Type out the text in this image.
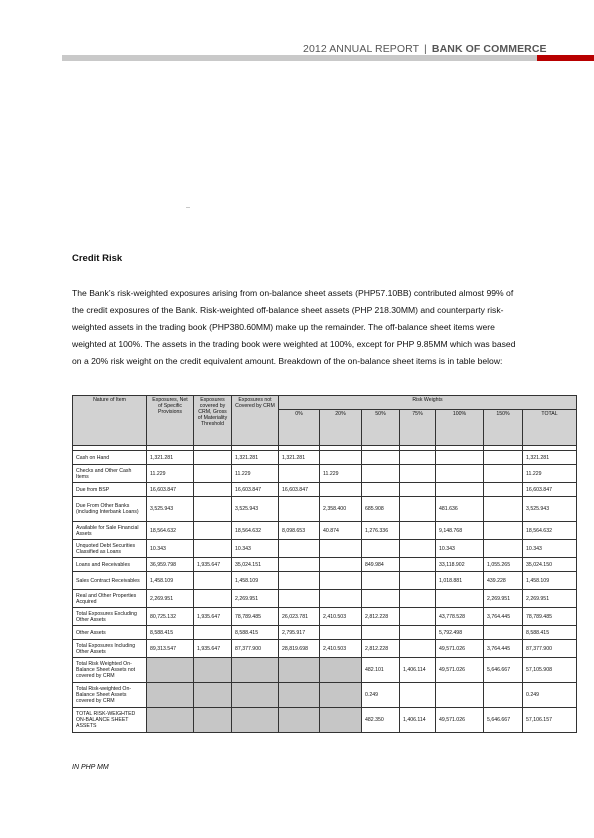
2012 ANNUAL REPORT | BANK OF COMMERCE
Credit Risk
The Bank’s risk-weighted exposures arising from on-balance sheet assets (PHP57.10BB) contributed almost 99% of the credit exposures of the Bank. Risk-weighted off-balance sheet assets (PHP 218.30MM) and counterparty risk-weighted assets in the trading book (PHP380.60MM) make up the remainder. The off-balance sheet items were weighted at 100%. The assets in the trading book were weighted at 100%, except for PHP 9.85MM which was based on a 20% risk weight on the credit equivalent amount. Breakdown of the on-balance sheet items is in table below:
Nature of Item	Exposures, Net of Specific Provisions	Exposures covered by CRM, Gross of Materiality Threshold	Exposures not Covered by CRM	Risk Weights						
				0%	20%	50%	75%	100%	150%	TOTAL

Cash on Hand	1,321.281		1,321.281	1,321.281						1,321.281
Checks and Other Cash Items	11.229		11.229		11.229					11.229
Due from BSP	16,603.847		16,603.847	16,603.847						16,603.847
Due From Other Banks (including Interbank Loans)	3,525.943		3,525.943		2,358.400	685.908		481.636		3,525.943
Available for Sale Financial Assets	18,564.632		18,564.632	8,098.653	40.874	1,276.336		9,148.768		18,564.632
Unquoted Debt Securities Classified as Loans	10.343		10.343					10.343		10.343
Loans and Receivables	36,959.798	1,935.647	35,024.151			849.984		33,118.902	1,055.265	35,024.150
Sales Contract Receivables	1,458.109		1,458.109					1,018.881	439.228	1,458.109
Real and Other Properties Acquired	2,269.951		2,269.951						2,269.951	2,269.951
Total Exposures Excluding Other Assets	80,725.132	1,935.647	78,789.485	26,023.781	2,410.503	2,812.228		43,778.528	3,764.445	78,789.485
Other Assets	8,588.415		8,588.415	2,795.917				5,792.498		8,588.415
Total Exposures Including Other Assets	89,313.547	1,935.647	87,377.900	28,819.698	2,410.503	2,812.228		49,571.026	3,764.445	87,377.900
Total Risk Weighted On-Balance Sheet Assets not covered by CRM						482.101	1,406.114	49,571.026	5,646.667	57,105.908
Total Risk-weighted On-Balance Sheet Assets covered by CRM						0.249				0.249
TOTAL RISK-WEIGHTED ON-BALANCE SHEET ASSETS						482.350	1,406.114	49,571.026	5,646.667	57,106.157
IN PHP MM
